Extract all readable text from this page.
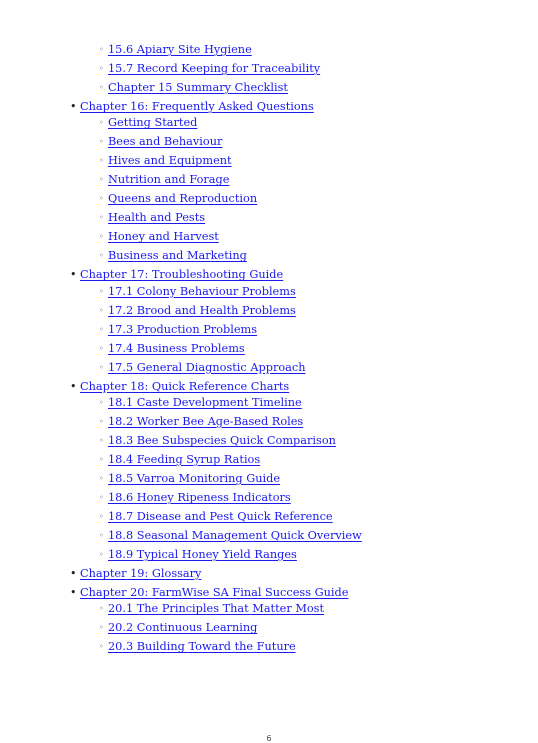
◦ 15.6 Apiary Site Hygiene
◦ 15.7 Record Keeping for Traceability
◦ Chapter 15 Summary Checklist
• Chapter 16: Frequently Asked Questions
◦ Getting Started
◦ Bees and Behaviour
◦ Hives and Equipment
◦ Nutrition and Forage
◦ Queens and Reproduction
◦ Health and Pests
◦ Honey and Harvest
◦ Business and Marketing
• Chapter 17: Troubleshooting Guide
◦ 17.1 Colony Behaviour Problems
◦ 17.2 Brood and Health Problems
◦ 17.3 Production Problems
◦ 17.4 Business Problems
◦ 17.5 General Diagnostic Approach
• Chapter 18: Quick Reference Charts
◦ 18.1 Caste Development Timeline
◦ 18.2 Worker Bee Age-Based Roles
◦ 18.3 Bee Subspecies Quick Comparison
◦ 18.4 Feeding Syrup Ratios
◦ 18.5 Varroa Monitoring Guide
◦ 18.6 Honey Ripeness Indicators
◦ 18.7 Disease and Pest Quick Reference
◦ 18.8 Seasonal Management Quick Overview
◦ 18.9 Typical Honey Yield Ranges
• Chapter 19: Glossary
• Chapter 20: FarmWise SA Final Success Guide
◦ 20.1 The Principles That Matter Most
◦ 20.2 Continuous Learning
◦ 20.3 Building Toward the Future
6
